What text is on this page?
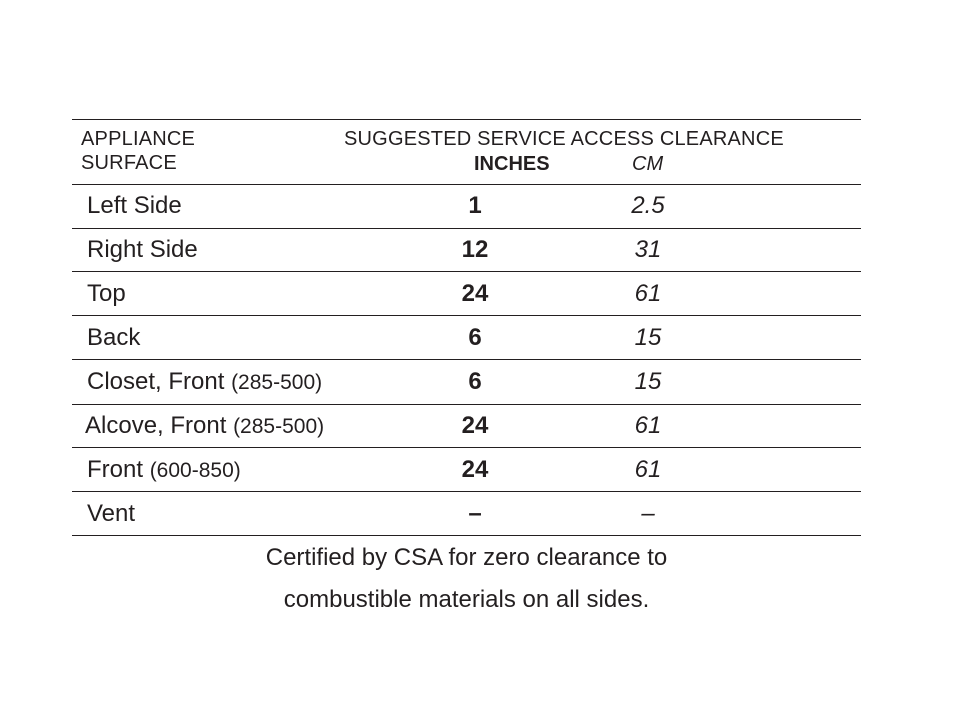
APPLIANCE
SURFACE
SUGGESTED SERVICE ACCESS CLEARANCE
INCHES	CM
Left Side	1	2.5
Right Side	12	31
Top	24	61
Back	6	15
Closet, Front (285-500)	6	15
Alcove, Front (285-500)	24	61
Front (600-850)	24	61
Vent	–	–
Certified by CSA for zero clearance to
combustible materials on all sides.
